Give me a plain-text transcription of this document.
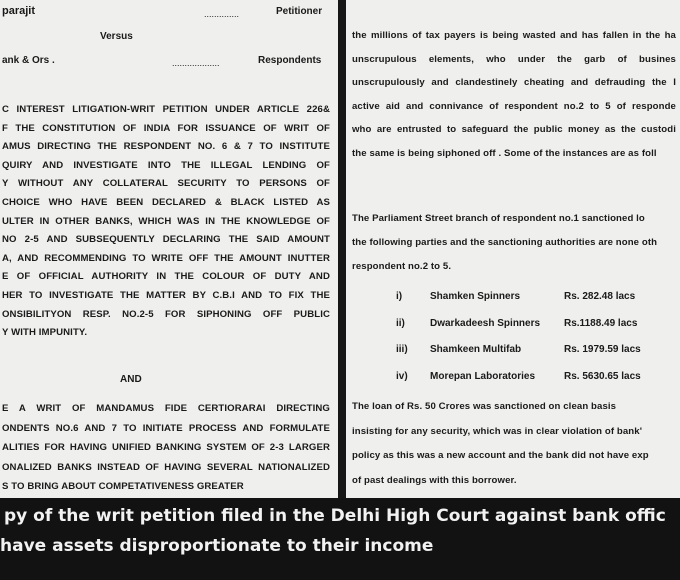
parajit	..............	Petitioner
Versus
ank & Ors .	...................	Respondents
C INTEREST LITIGATION-WRIT PETITION UNDER ARTICLE 226&
F THE CONSTITUTION OF INDIA FOR ISSUANCE OF WRIT OF
AMUS DIRECTING THE RESPONDENT NO. 6 & 7 TO INSTITUTE
QUIRY AND INVESTIGATE INTO THE ILLEGAL LENDING OF
Y WITHOUT ANY COLLATERAL SECURITY TO PERSONS OF
CHOICE WHO HAVE BEEN DECLARED & BLACK LISTED AS
ULTER IN OTHER BANKS, WHICH WAS IN THE KNOWLEDGE OF
NO 2-5 AND SUBSEQUENTLY DECLARING THE SAID AMOUNT
A, AND RECOMMENDING TO WRITE OFF THE AMOUNT INUTTER
E OF OFFICIAL AUTHORITY IN THE COLOUR OF DUTY AND
HER TO INVESTIGATE THE MATTER BY C.B.I AND TO FIX THE
ONSIBILITYON RESP. NO.2-5 FOR SIPHONING OFF PUBLIC
Y WITH IMPUNITY.
AND
E A WRIT OF MANDAMUS FIDE CERTIORARAI DIRECTING
ONDENTS NO.6 AND 7 TO INITIATE PROCESS AND FORMULATE
ALITIES FOR HAVING UNIFIED BANKING SYSTEM OF 2-3 LARGER
ONALIZED BANKS INSTEAD OF HAVING SEVERAL NATIONALIZED
S TO BRING ABOUT COMPETATIVENESS GREATER
the millions of tax payers is being wasted and has fallen in the ha
unscrupulous elements, who under the garb of busines
unscrupulously and clandestinely cheating and defrauding the I
active aid and connivance of respondent no.2 to 5 of responde
who are entrusted to safeguard the public money as the custodi
the same is being siphoned off . Some of the instances are as foll
The Parliament Street branch of respondent no.1 sanctioned lo
the following parties and the sanctioning authorities are none oth
respondent no.2 to 5.
i)	Shamken Spinners	Rs. 282.48 lacs
ii)	Dwarkadeesh Spinners Rs.1188.49 lacs
iii) Shamkeen Multifab	Rs. 1979.59 lacs
iv) Morepan Laboratories	Rs. 5630.65 lacs
The loan of Rs. 50 Crores was sanctioned on clean basis
insisting for any security, which was in clear violation of bank'
policy as this was a new account and the bank did not have exp
of past dealings with this borrower.
py of the writ petition filed in the Delhi High Court against bank offic
have assets disproportionate to their income
